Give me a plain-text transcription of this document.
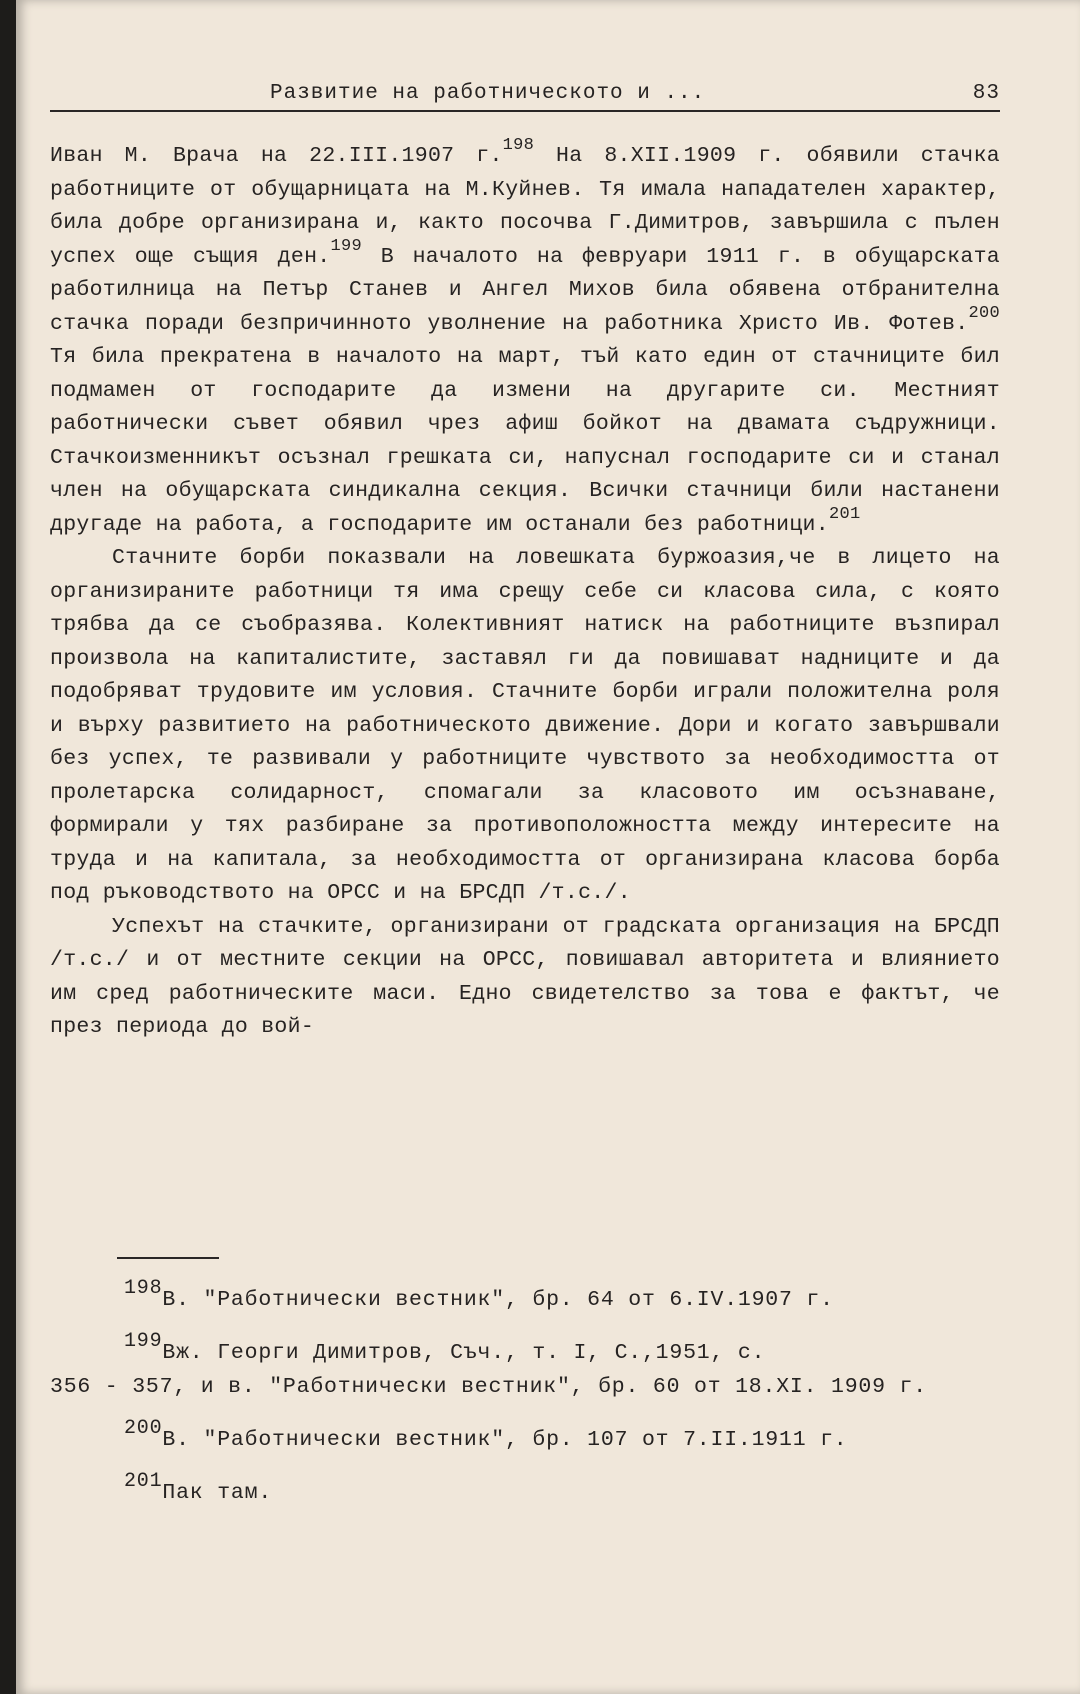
Развитие на работническото и ...	83

Иван М. Врача на 22.III.1907 г.$^{198}$ На 8.XII.1909 г. обявили стачка работниците от обущарницата на М.Куйнев. Тя имала нападателен характер, била добре организирана и, както посочва Г.Димитров, завършила с пълен успех още същия ден.$^{199}$ В началото на февруари 1911 г. в обущарската работилница на Петър Станев и Ангел Михов била обявена отбранителна стачка поради безпричинното уволнение на работника Христо Ив. Фотев.$^{200}$ Тя била прекратена в началото на март, тъй като един от стачниците бил подмамен от господарите да измени на другарите си. Местният работнически съвет обявил чрез афиш бойкот на двамата съдружници. Стачкоизменникът осъзнал грешката си, напуснал господарите си и станал член на обущарската синдикална секция. Всички стачници били настанени другаде на работа, а господарите им останали без работници.$^{201}$

Стачните борби показвали на ловешката буржоазия,че в лицето на организираните работници тя има срещу себе си класова сила, с която трябва да се съобразява. Колективният натиск на работниците възпирал произвола на капиталистите, заставял ги да повишават надниците и да подобряват трудовите им условия. Стачните борби играли положителна роля и върху развитието на работническото движение. Дори и когато завършвали без успех, те развивали у работниците чувството за необходимостта от пролетарска солидарност, спомагали за класовото им осъзнаване, формирали у тях разбиране за противоположността между интересите на труда и на капитала, за необходимостта от организирана класова борба под ръководството на ОРСС и на БРСДП /т.с./.

Успехът на стачките, организирани от градската организация на БРСДП /т.с./ и от местните секции на ОРСС, повишавал авторитета и влиянието им сред работническите маси. Едно свидетелство за това е фактът, че през периода до вой-

198В. "Работнически вестник", бр. 64 от 6.IV.1907 г.
199Вж. Георги Димитров, Съч., т. I, С.,1951, с.
356 - 357, и в. "Работнически вестник", бр. 60 от 18.XI. 1909 г.
200В. "Работнически вестник", бр. 107 от 7.II.1911 г.
201Пак там.
